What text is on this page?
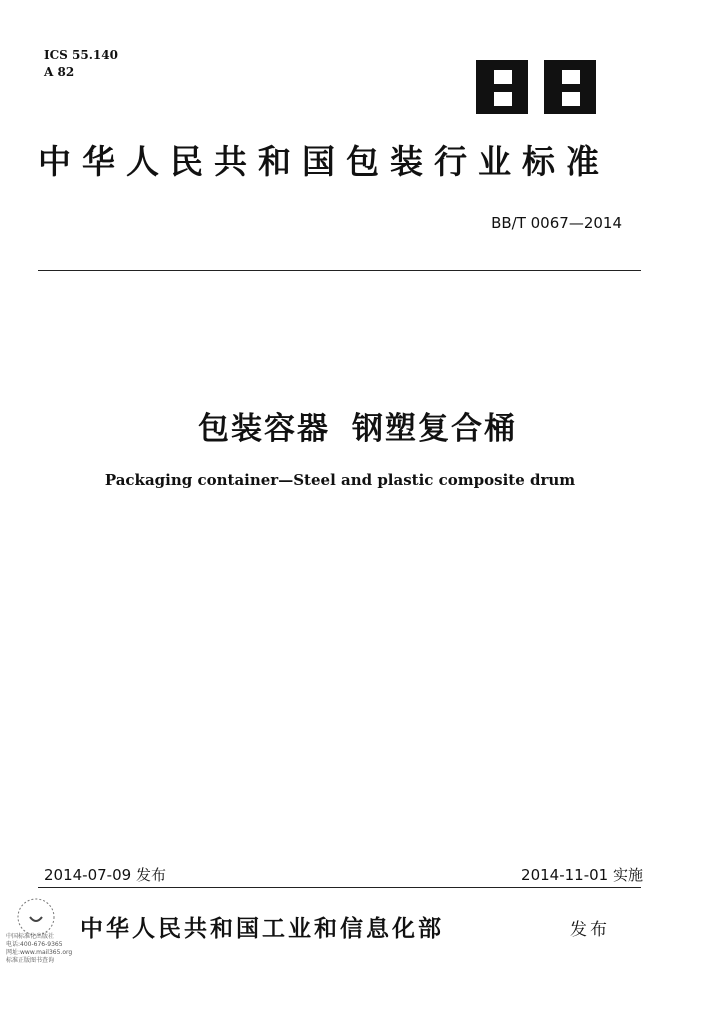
ICS 55.140
A 82
中华人民共和国包装行业标准
BB/T 0067—2014
包装容器 钢塑复合桶
Packaging container—Steel and plastic composite drum
2014-07-09 发布	2014-11-01 实施
中国标准化出版社
电话:400-676-9365
网址:www.mail365.org
标准正版图书查询
中华人民共和国工业和信息化部	发布
